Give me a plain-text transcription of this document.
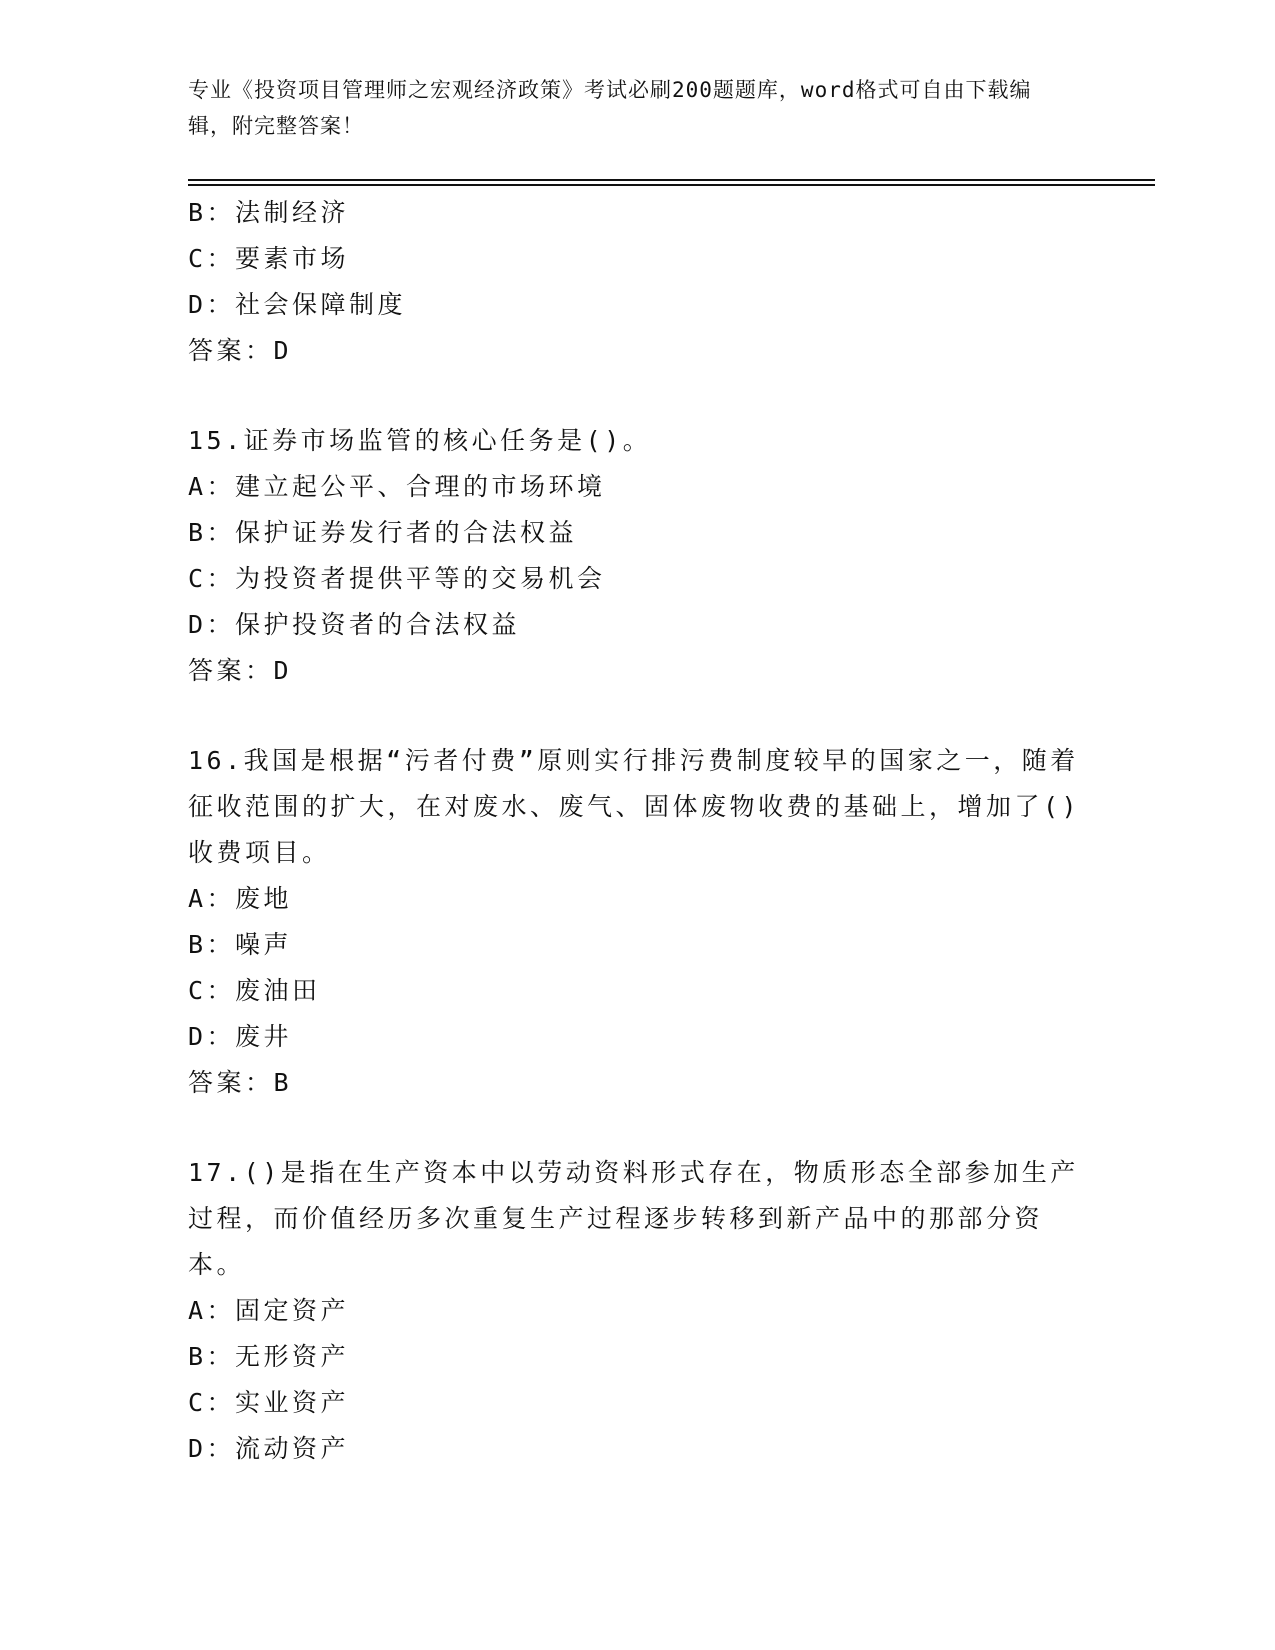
专业《投资项目管理师之宏观经济政策》考试必刷200题题库，word格式可自由下载编辑，附完整答案！
B：法制经济
C：要素市场
D：社会保障制度
答案：D
15.证券市场监管的核心任务是()。
A：建立起公平、合理的市场环境
B：保护证券发行者的合法权益
C：为投资者提供平等的交易机会
D：保护投资者的合法权益
答案：D
16.我国是根据“污者付费”原则实行排污费制度较早的国家之一，随着征收范围的扩大，在对废水、废气、固体废物收费的基础上，增加了()收费项目。
A：废地
B：噪声
C：废油田
D：废井
答案：B
17.()是指在生产资本中以劳动资料形式存在，物质形态全部参加生产过程，而价值经历多次重复生产过程逐步转移到新产品中的那部分资本。
A：固定资产
B：无形资产
C：实业资产
D：流动资产
